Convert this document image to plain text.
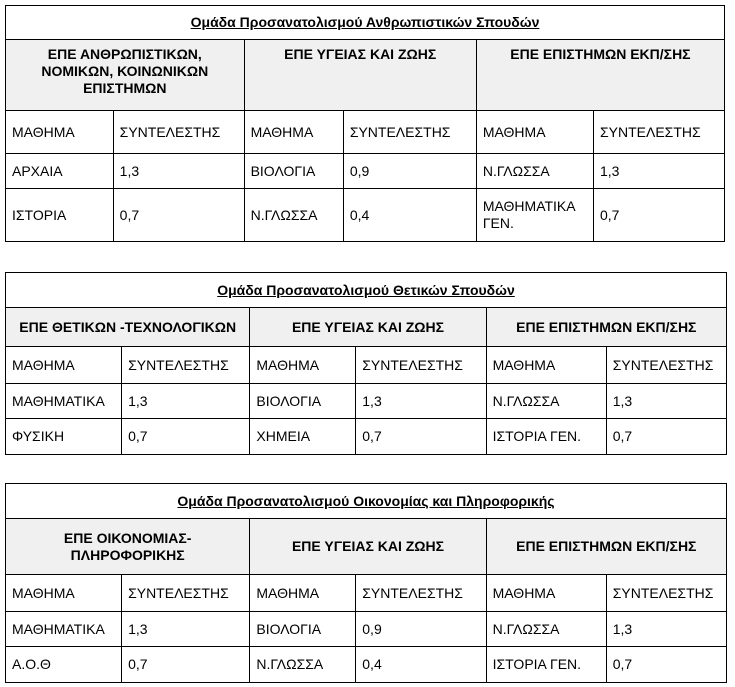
Ομάδα Προσανατολισμού Ανθρωπιστικών Σπουδών					
ΕΠΕ ΑΝΘΡΩΠΙΣΤΙΚΩΝ, ΝΟΜΙΚΩΝ, ΚΟΙΝΩΝΙΚΩΝ ΕΠΙΣΤΗΜΩΝ		ΕΠΕ ΥΓΕΙΑΣ ΚΑΙ ΖΩΗΣ		ΕΠΕ ΕΠΙΣΤΗΜΩΝ ΕΚΠ/ΣΗΣ	
ΜΑΘΗΜΑ	ΣΥΝΤΕΛΕΣΤΗΣ	ΜΑΘΗΜΑ	ΣΥΝΤΕΛΕΣΤΗΣ	ΜΑΘΗΜΑ	ΣΥΝΤΕΛΕΣΤΗΣ
ΑΡΧΑΙΑ	1,3	ΒΙΟΛΟΓΙΑ	0,9	Ν.ΓΛΩΣΣΑ	1,3
ΙΣΤΟΡΙΑ	0,7	Ν.ΓΛΩΣΣΑ	0,4	ΜΑΘΗΜΑΤΙΚΑ ΓΕΝ.	0,7
Ομάδα Προσανατολισμού Θετικών Σπουδών					
ΕΠΕ ΘΕΤΙΚΩΝ -ΤΕΧΝΟΛΟΓΙΚΩΝ		ΕΠΕ ΥΓΕΙΑΣ ΚΑΙ ΖΩΗΣ		ΕΠΕ ΕΠΙΣΤΗΜΩΝ ΕΚΠ/ΣΗΣ	
ΜΑΘΗΜΑ	ΣΥΝΤΕΛΕΣΤΗΣ	ΜΑΘΗΜΑ	ΣΥΝΤΕΛΕΣΤΗΣ	ΜΑΘΗΜΑ	ΣΥΝΤΕΛΕΣΤΗΣ
ΜΑΘΗΜΑΤΙΚΑ	1,3	ΒΙΟΛΟΓΙΑ	1,3	Ν.ΓΛΩΣΣΑ	1,3
ΦΥΣΙΚΗ	0,7	ΧΗΜΕΙΑ	0,7	ΙΣΤΟΡΙΑ ΓΕΝ.	0,7
Ομάδα Προσανατολισμού Οικονομίας και Πληροφορικής					
ΕΠΕ ΟΙΚΟΝΟΜΙΑΣ-ΠΛΗΡΟΦΟΡΙΚΗΣ		ΕΠΕ ΥΓΕΙΑΣ ΚΑΙ ΖΩΗΣ		ΕΠΕ ΕΠΙΣΤΗΜΩΝ ΕΚΠ/ΣΗΣ	
ΜΑΘΗΜΑ	ΣΥΝΤΕΛΕΣΤΗΣ	ΜΑΘΗΜΑ	ΣΥΝΤΕΛΕΣΤΗΣ	ΜΑΘΗΜΑ	ΣΥΝΤΕΛΕΣΤΗΣ
ΜΑΘΗΜΑΤΙΚΑ	1,3	ΒΙΟΛΟΓΙΑ	0,9	Ν.ΓΛΩΣΣΑ	1,3
Α.Ο.Θ	0,7	Ν.ΓΛΩΣΣΑ	0,4	ΙΣΤΟΡΙΑ ΓΕΝ.	0,7
